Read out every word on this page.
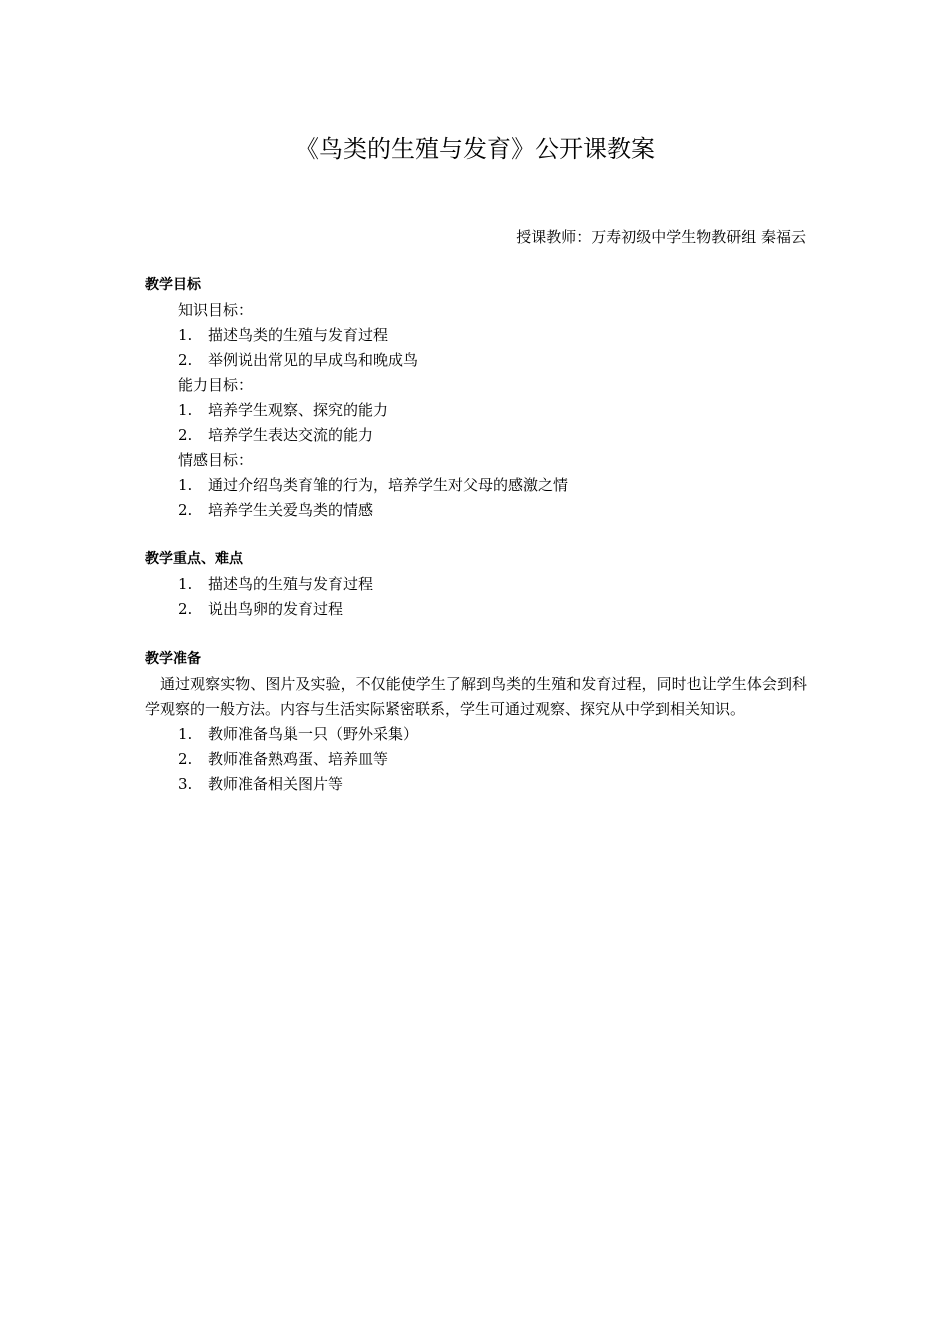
《鸟类的生殖与发育》公开课教案
授课教师：万寿初级中学生物教研组 秦福云
教学目标
知识目标：
1. 描述鸟类的生殖与发育过程
2. 举例说出常见的早成鸟和晚成鸟
能力目标：
1. 培养学生观察、探究的能力
2. 培养学生表达交流的能力
情感目标：
1. 通过介绍鸟类育雏的行为，培养学生对父母的感激之情
2. 培养学生关爱鸟类的情感
教学重点、难点
1. 描述鸟的生殖与发育过程
2. 说出鸟卵的发育过程
教学准备

通过观察实物、图片及实验，不仅能使学生了解到鸟类的生殖和发育过程，同时也让学生体会到科学观察的一般方法。内容与生活实际紧密联系，学生可通过观察、探究从中学到相关知识。

1. 教师准备鸟巢一只（野外采集）
2. 教师准备熟鸡蛋、培养皿等
3. 教师准备相关图片等
